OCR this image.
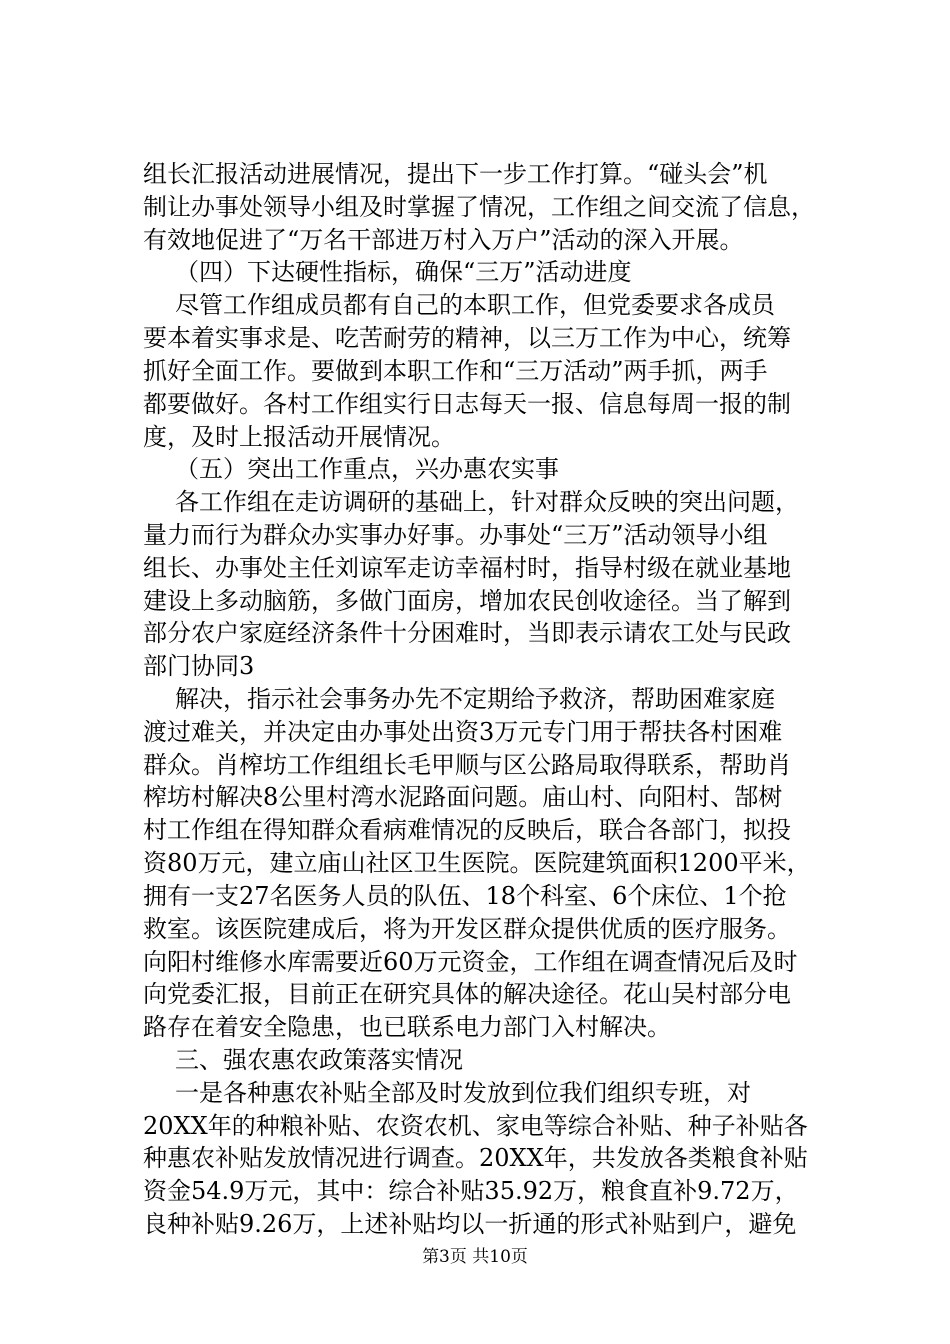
组长汇报活动进展情况，提出下一步工作打算。“碰头会”机
制让办事处领导小组及时掌握了情况，工作组之间交流了信息，
有效地促进了“万名干部进万村入万户”活动的深入开展。
（四）下达硬性指标，确保“三万”活动进度
尽管工作组成员都有自己的本职工作，但党委要求各成员
要本着实事求是、吃苦耐劳的精神，以三万工作为中心，统筹
抓好全面工作。要做到本职工作和“三万活动”两手抓，两手
都要做好。各村工作组实行日志每天一报、信息每周一报的制
度，及时上报活动开展情况。
（五）突出工作重点，兴办惠农实事
各工作组在走访调研的基础上，针对群众反映的突出问题，
量力而行为群众办实事办好事。办事处“三万”活动领导小组
组长、办事处主任刘谅军走访幸福村时，指导村级在就业基地
建设上多动脑筋，多做门面房，增加农民创收途径。当了解到
部分农户家庭经济条件十分困难时，当即表示请农工处与民政
部门协同3
解决，指示社会事务办先不定期给予救济，帮助困难家庭
渡过难关，并决定由办事处出资3万元专门用于帮扶各村困难
群众。肖榨坊工作组组长毛甲顺与区公路局取得联系，帮助肖
榨坊村解决8公里村湾水泥路面问题。庙山村、向阳村、郜树
村工作组在得知群众看病难情况的反映后，联合各部门，拟投
资80万元，建立庙山社区卫生医院。医院建筑面积1200平米，
拥有一支27名医务人员的队伍、18个科室、6个床位、1个抢
救室。该医院建成后，将为开发区群众提供优质的医疗服务。
向阳村维修水库需要近60万元资金，工作组在调查情况后及时
向党委汇报，目前正在研究具体的解决途径。花山吴村部分电
路存在着安全隐患，也已联系电力部门入村解决。
三、强农惠农政策落实情况
一是各种惠农补贴全部及时发放到位我们组织专班，对
20XX年的种粮补贴、农资农机、家电等综合补贴、种子补贴各
种惠农补贴发放情况进行调查。20XX年，共发放各类粮食补贴
资金54.9万元，其中：综合补贴35.92万，粮食直补9.72万，
良种补贴9.26万，上述补贴均以一折通的形式补贴到户，避免
第3页 共10页
